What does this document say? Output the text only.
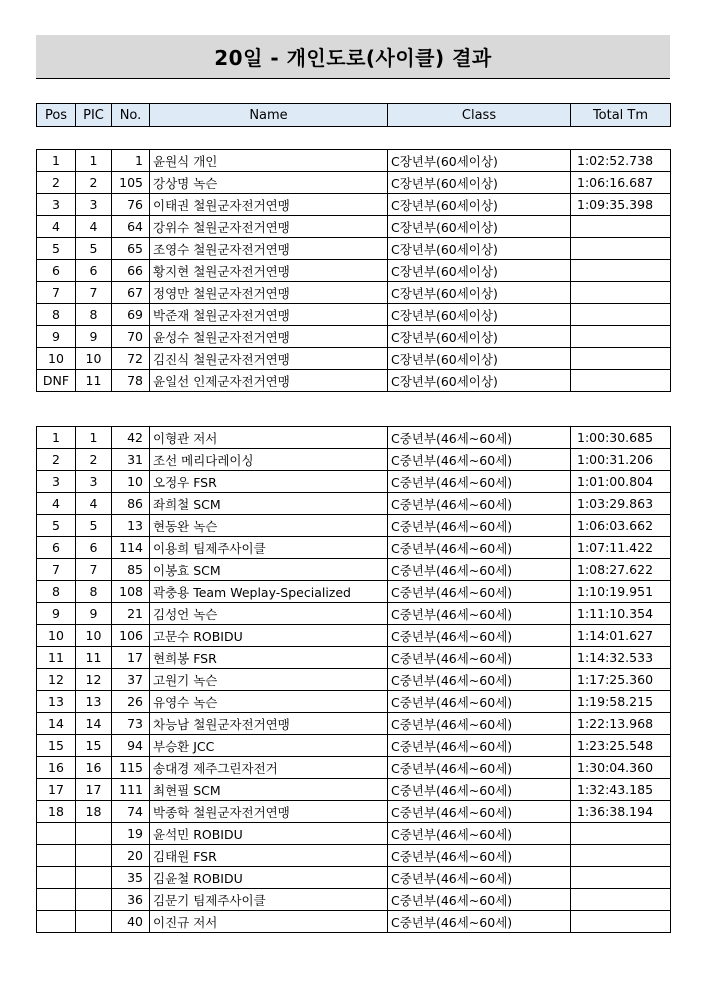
20일 - 개인도로(사이클) 결과
Pos	PIC	No.	Name	Class	Total Tm
1	1	1	윤원식 개인	C장년부(60세이상)	1:02:52.738
2	2	105	강상명 녹슨	C장년부(60세이상)	1:06:16.687
3	3	76	이태권 철원군자전거연맹	C장년부(60세이상)	1:09:35.398
4	4	64	강위수 철원군자전거연맹	C장년부(60세이상)	
5	5	65	조영수 철원군자전거연맹	C장년부(60세이상)	
6	6	66	황지현 철원군자전거연맹	C장년부(60세이상)	
7	7	67	정영만 철원군자전거연맹	C장년부(60세이상)	
8	8	69	박준재 철원군자전거연맹	C장년부(60세이상)	
9	9	70	윤성수 철원군자전거연맹	C장년부(60세이상)	
10	10	72	김진식 철원군자전거연맹	C장년부(60세이상)	
DNF	11	78	윤일선 인제군자전거연맹	C장년부(60세이상)	
1	1	42	이형관 저서	C중년부(46세~60세)	1:00:30.685
2	2	31	조선 메리다레이싱	C중년부(46세~60세)	1:00:31.206
3	3	10	오정우 FSR	C중년부(46세~60세)	1:01:00.804
4	4	86	좌희철 SCM	C중년부(46세~60세)	1:03:29.863
5	5	13	현동완 녹슨	C중년부(46세~60세)	1:06:03.662
6	6	114	이용희 팀제주사이클	C중년부(46세~60세)	1:07:11.422
7	7	85	이봉효 SCM	C중년부(46세~60세)	1:08:27.622
8	8	108	곽충용 Team Weplay-Specialized	C중년부(46세~60세)	1:10:19.951
9	9	21	김성언 녹슨	C중년부(46세~60세)	1:11:10.354
10	10	106	고문수 ROBIDU	C중년부(46세~60세)	1:14:01.627
11	11	17	현희봉 FSR	C중년부(46세~60세)	1:14:32.533
12	12	37	고원기 녹슨	C중년부(46세~60세)	1:17:25.360
13	13	26	유영수 녹슨	C중년부(46세~60세)	1:19:58.215
14	14	73	차능남 철원군자전거연맹	C중년부(46세~60세)	1:22:13.968
15	15	94	부승환 JCC	C중년부(46세~60세)	1:23:25.548
16	16	115	송대경 제주그린자전거	C중년부(46세~60세)	1:30:04.360
17	17	111	최현필 SCM	C중년부(46세~60세)	1:32:43.185
18	18	74	박종학 철원군자전거연맹	C중년부(46세~60세)	1:36:38.194
		19	윤석민 ROBIDU	C중년부(46세~60세)	
		20	김태원 FSR	C중년부(46세~60세)	
		35	김윤철 ROBIDU	C중년부(46세~60세)	
		36	김문기 팀제주사이클	C중년부(46세~60세)	
		40	이진규 저서	C중년부(46세~60세)	
